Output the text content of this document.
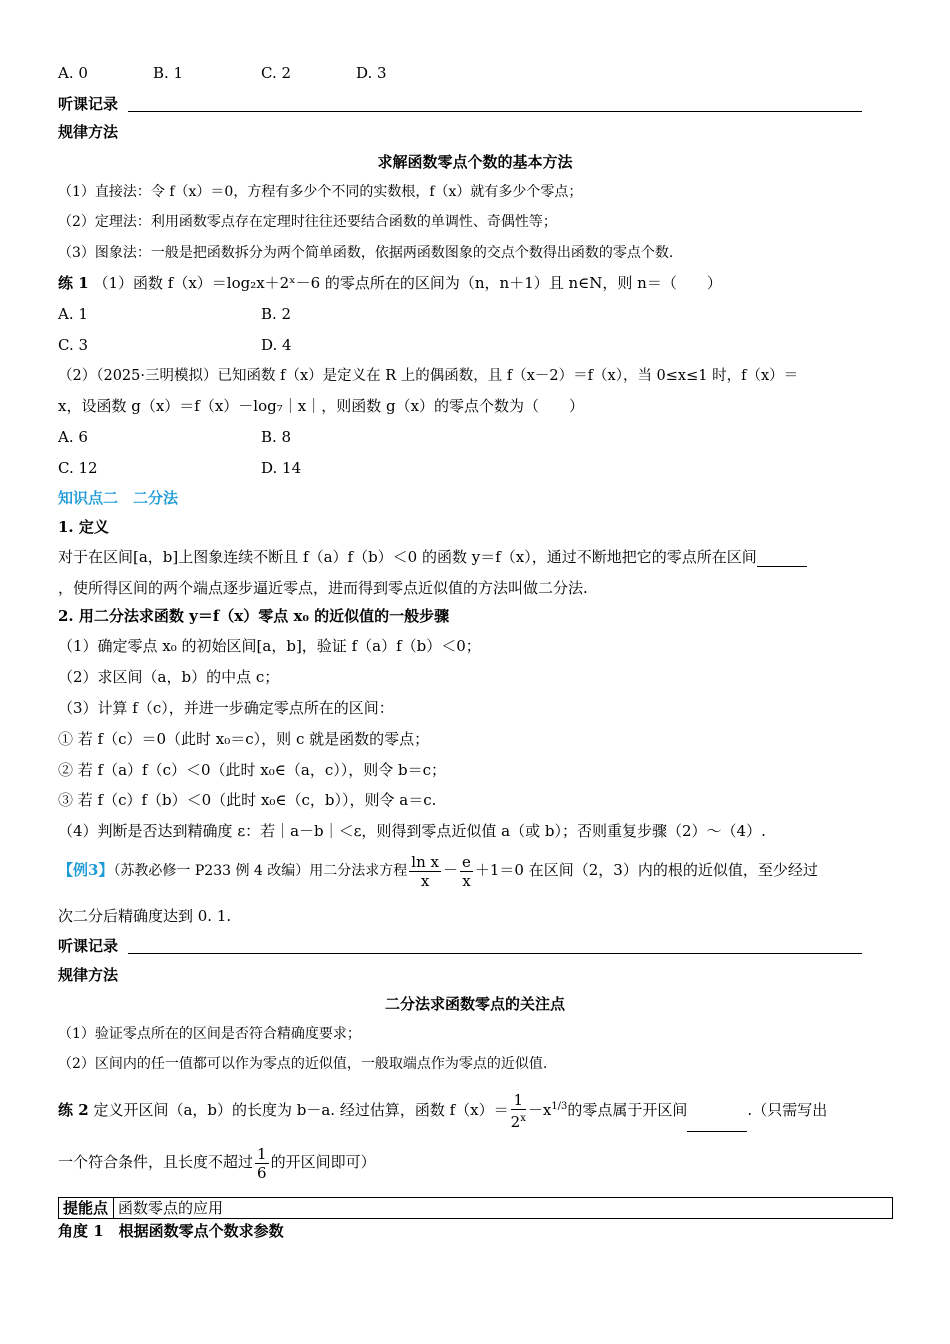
A. 0	B. 1	C. 2	D. 3
听课记录
规律方法
求解函数零点个数的基本方法
（1）直接法：令 f（x）＝0，方程有多少个不同的实数根，f（x）就有多少个零点；
（2）定理法：利用函数零点存在定理时往往还要结合函数的单调性、奇偶性等；
（3）图象法：一般是把函数拆分为两个简单函数，依据两函数图象的交点个数得出函数的零点个数.
练 1 （1）函数 f（x）＝log₂x＋2ˣ－6 的零点所在的区间为（n，n＋1）且 n∈N，则 n＝（　　）
A. 1	B. 2
C. 3	D. 4
（2）（2025·三明模拟）已知函数 f（x）是定义在 R 上的偶函数，且 f（x－2）＝f（x），当 0≤x≤1 时，f（x）＝
x，设函数 g（x）＝f（x）－log₇｜x｜，则函数 g（x）的零点个数为（　　）
A. 6	B. 8
C. 12	D. 14
知识点二　二分法
1. 定义
对于在区间[a，b]上图象连续不断且 f（a）f（b）＜0 的函数 y＝f（x），通过不断地把它的零点所在区间
，使所得区间的两个端点逐步逼近零点，进而得到零点近似值的方法叫做二分法.
2. 用二分法求函数 y＝f（x）零点 x₀ 的近似值的一般步骤
（1）确定零点 x₀ 的初始区间[a，b]，验证 f（a）f（b）＜0；
（2）求区间（a，b）的中点 c；
（3）计算 f（c），并进一步确定零点所在的区间：
① 若 f（c）＝0（此时 x₀＝c），则 c 就是函数的零点；
② 若 f（a）f（c）＜0（此时 x₀∈（a，c）），则令 b＝c；
③ 若 f（c）f（b）＜0（此时 x₀∈（c，b）），则令 a＝c.
（4）判断是否达到精确度 ε：若｜a－b｜＜ε，则得到零点近似值 a（或 b）；否则重复步骤（2）～（4）.
【例3】（苏教必修一 P233 例 4 改编）用二分法求方程 $\frac{\text{ln x}}{x} - \frac{e}{x} +1=0$ 在区间（2，3）内的根的近似值，至少经过
次二分后精确度达到 0. 1.
听课记录
规律方法
二分法求函数零点的关注点
（1）验证零点所在的区间是否符合精确度要求；
（2）区间内的任一值都可以作为零点的近似值，一般取端点作为零点的近似值.
练 2 定义开区间（a，b）的长度为 b－a. 经过估算，函数 $f(x)= \frac{1}{2^x} -x^{1/3}$的零点属于开区间	.（只需写出
一个符合条件，且长度不超过 $\frac{1}{6}$ 的开区间即可）
提能点	函数零点的应用
角度 1　根据函数零点个数求参数
